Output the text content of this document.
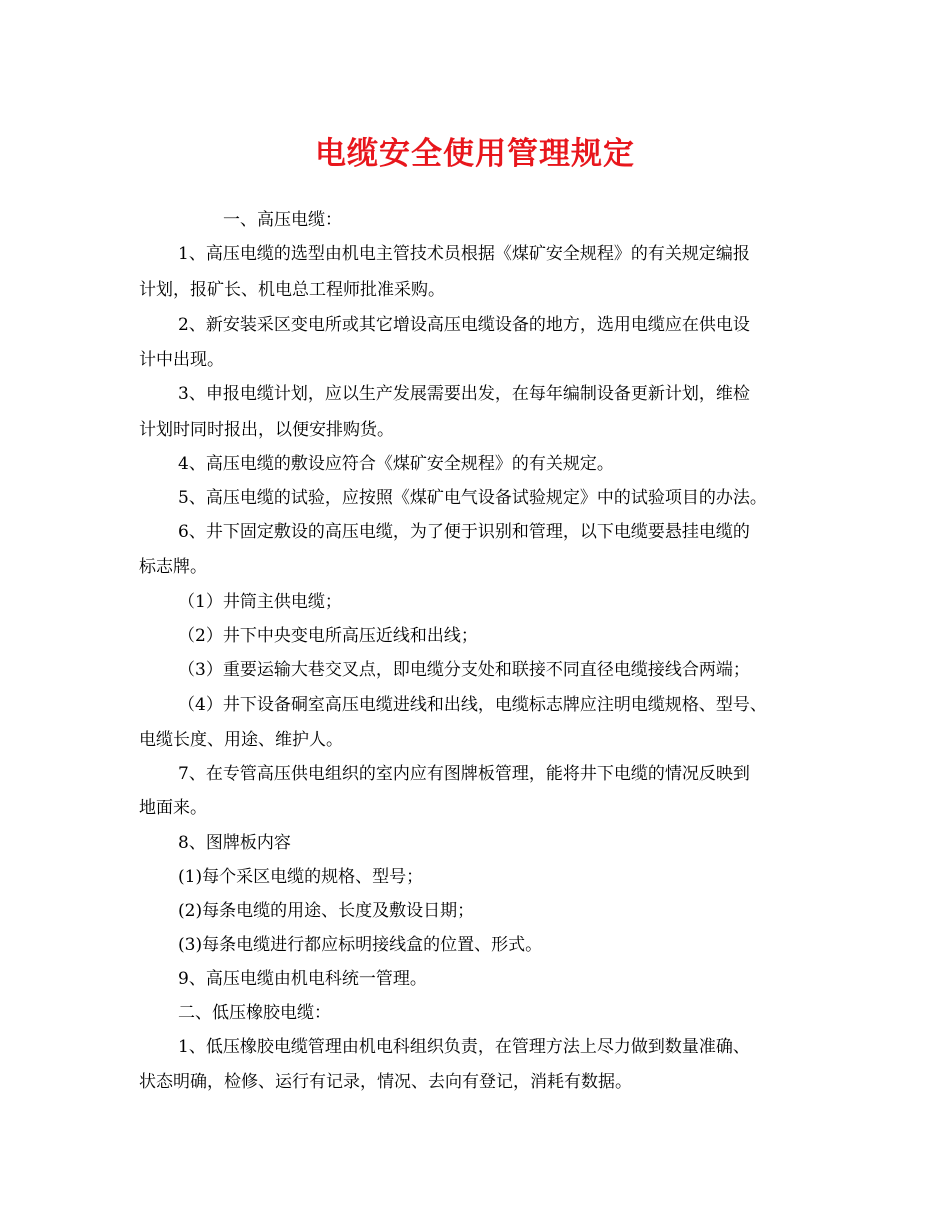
电缆安全使用管理规定
一、高压电缆：
1、高压电缆的选型由机电主管技术员根据《煤矿安全规程》的有关规定编报
计划，报矿长、机电总工程师批准采购。
2、新安装采区变电所或其它增设高压电缆设备的地方，选用电缆应在供电设
计中出现。
3、申报电缆计划，应以生产发展需要出发，在每年编制设备更新计划，维检
计划时同时报出，以便安排购货。
4、高压电缆的敷设应符合《煤矿安全规程》的有关规定。
5、高压电缆的试验，应按照《煤矿电气设备试验规定》中的试验项目的办法。
6、井下固定敷设的高压电缆，为了便于识别和管理，以下电缆要悬挂电缆的
标志牌。
（1）井筒主供电缆；
（2）井下中央变电所高压近线和出线；
（3）重要运输大巷交叉点，即电缆分支处和联接不同直径电缆接线合两端；
（4）井下设备硐室高压电缆进线和出线，电缆标志牌应注明电缆规格、型号、
电缆长度、用途、维护人。
7、在专管高压供电组织的室内应有图牌板管理，能将井下电缆的情况反映到
地面来。
8、图牌板内容
(1)每个采区电缆的规格、型号；
(2)每条电缆的用途、长度及敷设日期；
(3)每条电缆进行都应标明接线盒的位置、形式。
9、高压电缆由机电科统一管理。
二、低压橡胶电缆：
1、低压橡胶电缆管理由机电科组织负责，在管理方法上尽力做到数量准确、
状态明确，检修、运行有记录，情况、去向有登记，消耗有数据。
